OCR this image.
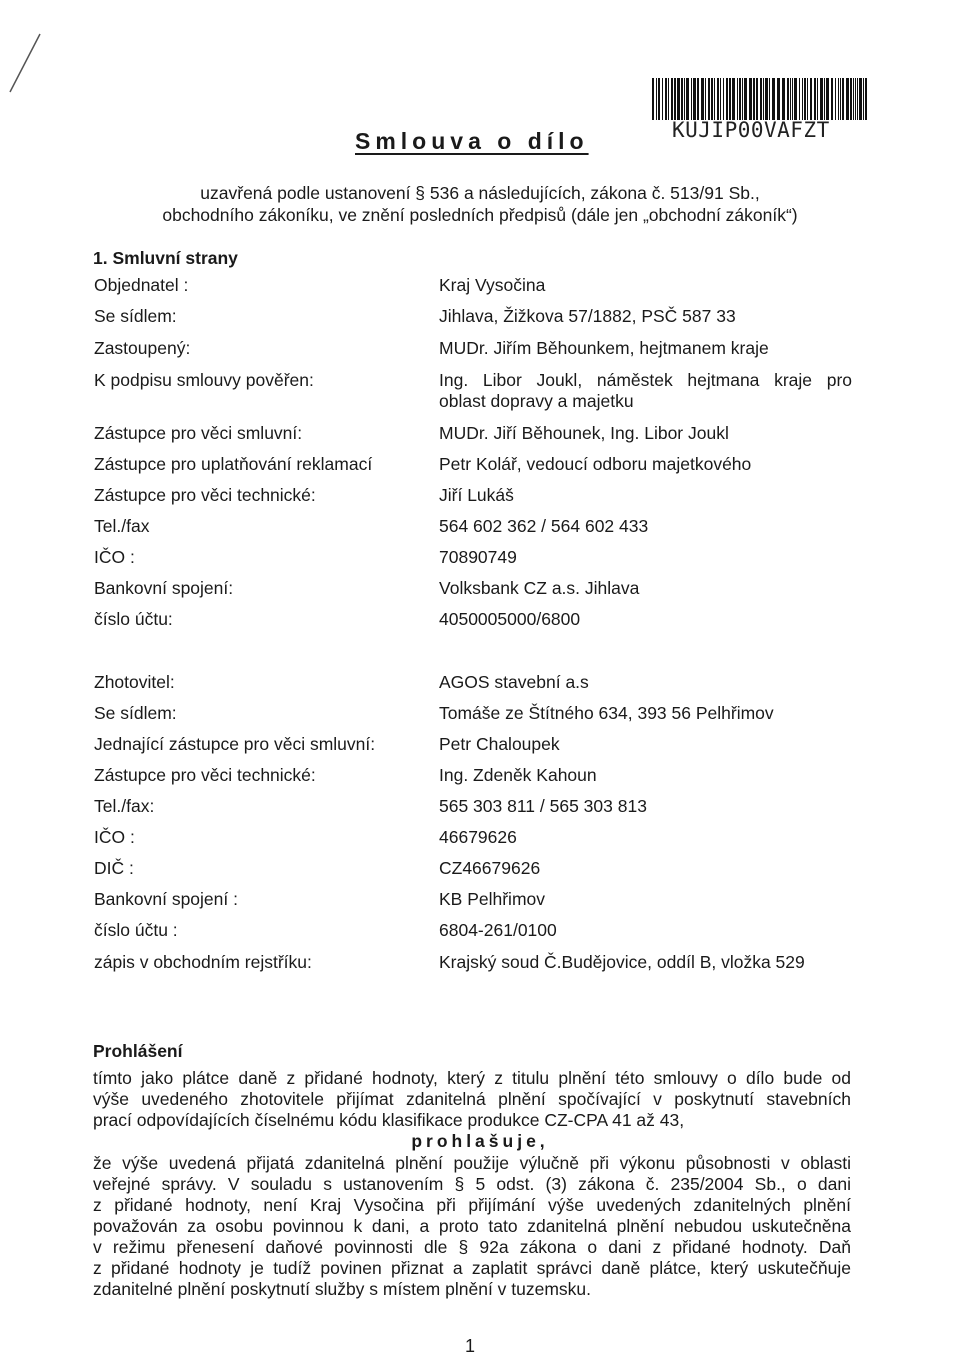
KUJIP00VAFZT
Smlouva o dílo
uzavřená podle ustanovení § 536 a následujících, zákona č. 513/91 Sb.,
obchodního zákoníku, ve znění posledních předpisů (dále jen „obchodní zákoník“)
1. Smluvní strany
Objednatel :	Kraj Vysočina
Se sídlem:	Jihlava, Žižkova 57/1882, PSČ 587 33
Zastoupený:	MUDr. Jiřím Běhounkem, hejtmanem kraje
K podpisu smlouvy pověřen:	Ing. Libor Joukl, náměstek hejtmana kraje pro
oblast dopravy a majetku
Zástupce pro věci smluvní:	MUDr. Jiří Běhounek, Ing. Libor Joukl
Zástupce pro uplatňování reklamací	Petr Kolář, vedoucí odboru majetkového
Zástupce pro věci technické:	Jiří Lukáš
Tel./fax	564 602 362 / 564 602 433
IČO :	70890749
Bankovní spojení:	Volksbank CZ a.s. Jihlava
číslo účtu:	4050005000/6800
Zhotovitel:	AGOS stavební a.s
Se sídlem:	Tomáše ze Štítného 634, 393 56 Pelhřimov
Jednající zástupce pro věci smluvní:	Petr Chaloupek
Zástupce pro věci technické:	Ing. Zdeněk Kahoun
Tel./fax:	565 303 811 / 565 303 813
IČO :	46679626
DIČ :	CZ46679626
Bankovní spojení :	KB Pelhřimov
číslo účtu :	6804-261/0100
zápis v obchodním rejstříku:	Krajský soud Č.Budějovice, oddíl B, vložka 529
Prohlášení
tímto jako plátce daně z přidané hodnoty, který z titulu plnění této smlouvy o dílo bude od
výše uvedeného zhotovitele přijímat zdanitelná plnění spočívající v poskytnutí stavebních
prací odpovídajících číselnému kódu klasifikace produkce CZ-CPA 41 až 43,
prohlašuje,
že výše uvedená přijatá zdanitelná plnění použije výlučně při výkonu působnosti v oblasti
veřejné správy. V souladu s ustanovením § 5 odst. (3) zákona č. 235/2004 Sb., o dani
z přidané hodnoty, není Kraj Vysočina při přijímání výše uvedených zdanitelných plnění
považován za osobu povinnou k dani, a proto tato zdanitelná plnění nebudou uskutečněna
v režimu přenesení daňové povinnosti dle § 92a zákona o dani z přidané hodnoty. Daň
z přidané hodnoty je tudíž povinen přiznat a zaplatit správci daně plátce, který uskutečňuje
zdanitelné plnění poskytnutí služby s místem plnění v tuzemsku.
1
